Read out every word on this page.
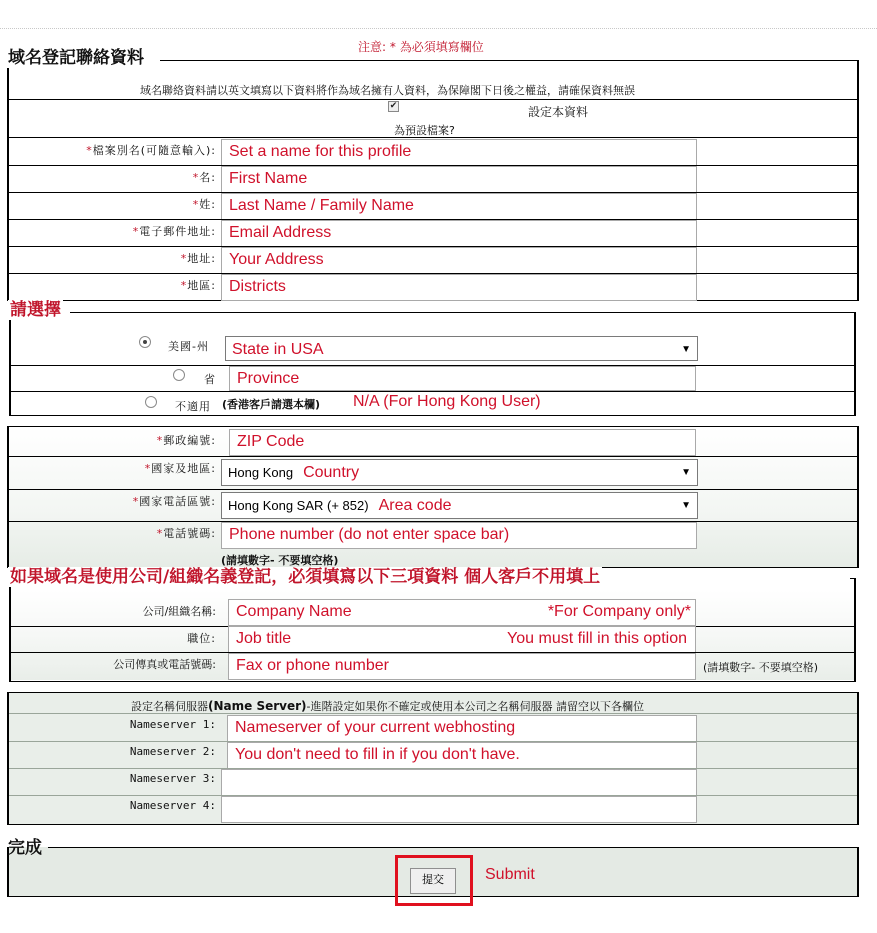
注意: * 為必須填寫欄位
域名登記聯絡資料
域名聯絡資料請以英文填寫以下資料將作為域名擁有人資料，為保障閣下日後之權益，請確保資料無誤
✔	設定本資料
為預設檔案?
*檔案別名(可隨意輸入): Set a name for this profile
*名: First Name
*姓: Last Name / Family Name
*電子郵件地址: Email Address
*地址: Your Address
*地區: Districts
請選擇
美國-州	State in USA	▼
省	Province
不適用 (香港客戶請選本欄) N/A (For Hong Kong User)
*郵政編號:	ZIP Code
*國家及地區: Hong Kong Country	▼
*國家電話區號: Hong Kong SAR (+ 852) Area code	▼
*電話號碼: Phone number (do not enter space bar)
(請填數字- 不要填空格)
如果域名是使用公司/組織名義登記，必須填寫以下三項資料 個人客戶不用填上
公司/組織名稱:	Company Name	*For Company only*
職位:	Job title	You must fill in this option
公司傳真或電話號碼:	Fax or phone number	(請填數字- 不要填空格)
設定名稱伺服器(Name Server)-進階設定如果你不確定或使用本公司之名稱伺服器 請留空以下各欄位
Nameserver 1:	Nameserver of your current webhosting
Nameserver 2:	You don't need to fill in if you don't have.
Nameserver 3:
Nameserver 4:
完成
提交	Submit
